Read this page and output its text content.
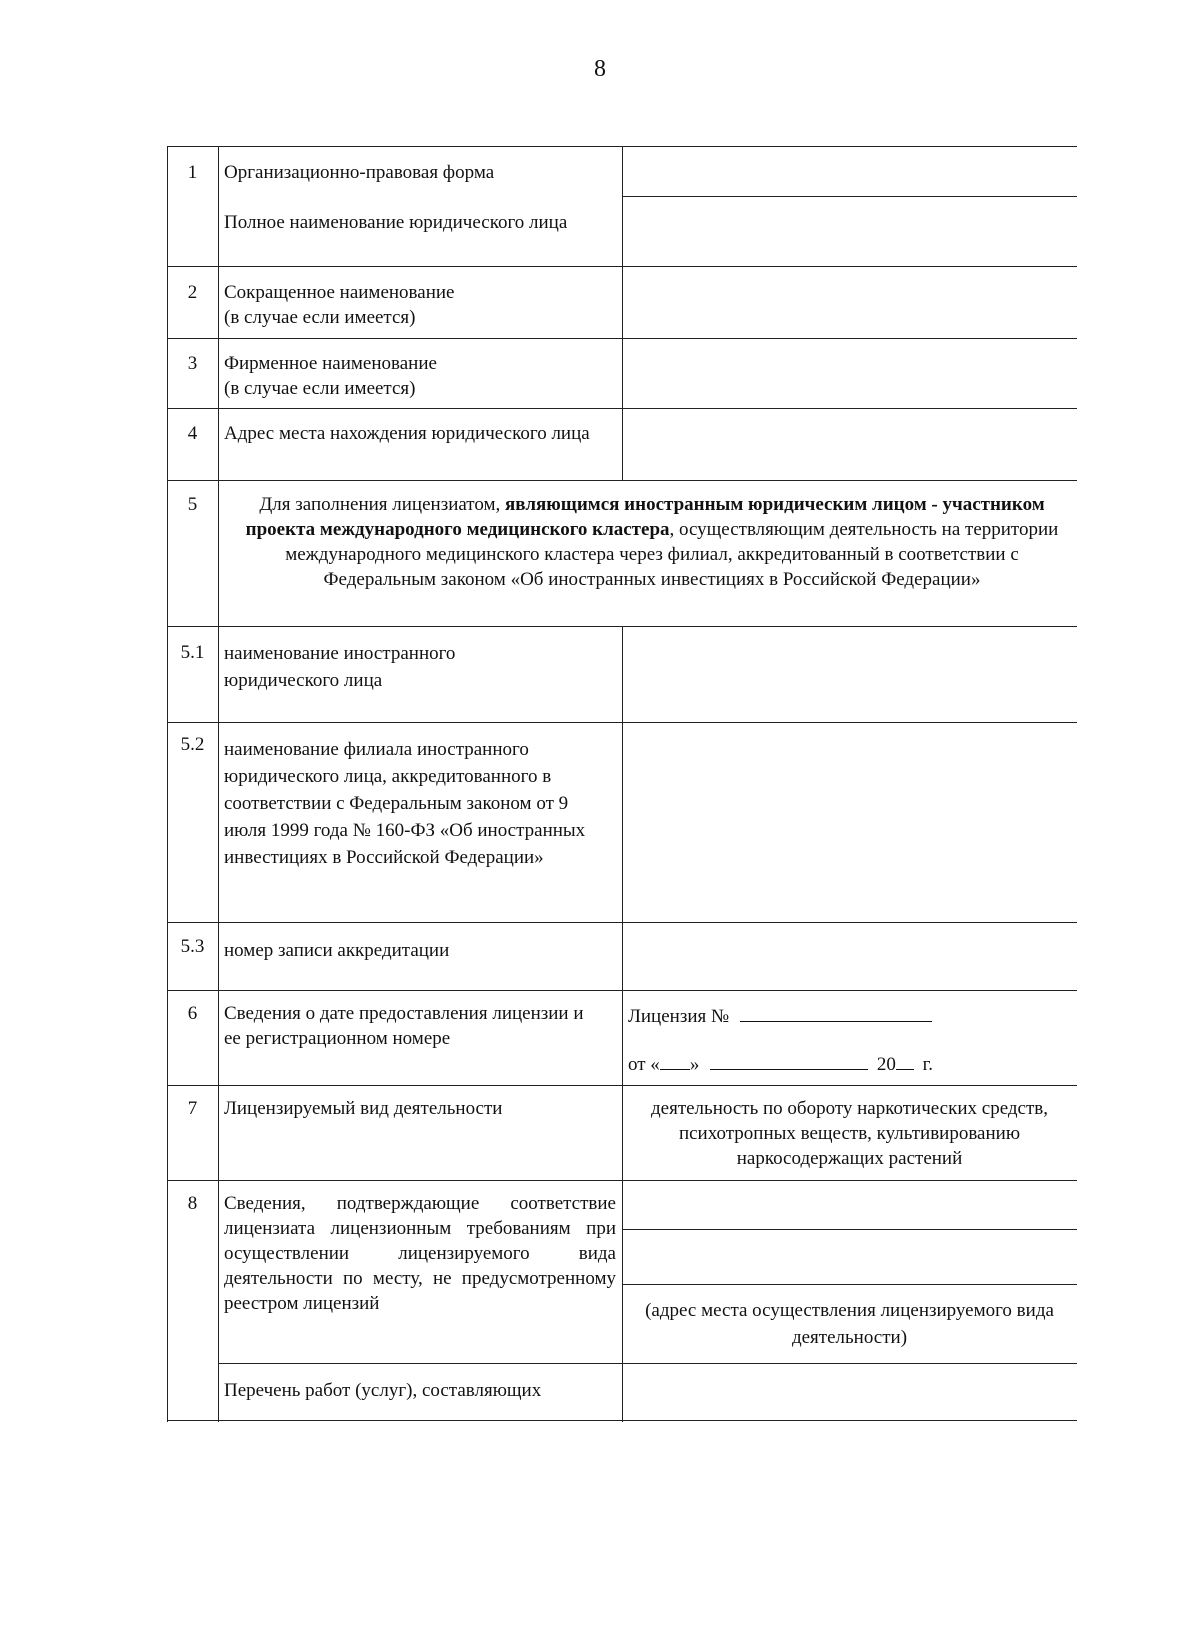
8
1	Организационно-правовая форма
Полное наименование юридического лица
2	Сокращенное наименование
(в случае если имеется)
3	Фирменное наименование
(в случае если имеется)
4	Адрес места нахождения юридического лица
5	Для заполнения лицензиатом, являющимся иностранным юридическим лицом - участником проекта международного медицинского кластера, осуществляющим деятельность на территории международного медицинского кластера через филиал, аккредитованный в соответствии с Федеральным законом «Об иностранных инвестициях в Российской Федерации»
5.1	наименование иностранного юридического лица
5.2	наименование филиала иностранного юридического лица, аккредитованного в соответствии с Федеральным законом от 9 июля 1999 года № 160-ФЗ «Об иностранных инвестициях в Российской Федерации»
5.3	номер записи аккредитации
6	Сведения о дате предоставления лицензии и ее регистрационном номере
Лицензия №
от « »	20 г.
7	Лицензируемый вид деятельности	деятельность по обороту наркотических средств, психотропных веществ, культивированию наркосодержащих растений
8	Сведения, подтверждающие соответствие лицензиата лицензионным требованиям при осуществлении лицензируемого вида деятельности по месту, не предусмотренному реестром лицензий	(адрес места осуществления лицензируемого вида деятельности)
Перечень работ (услуг), составляющих
